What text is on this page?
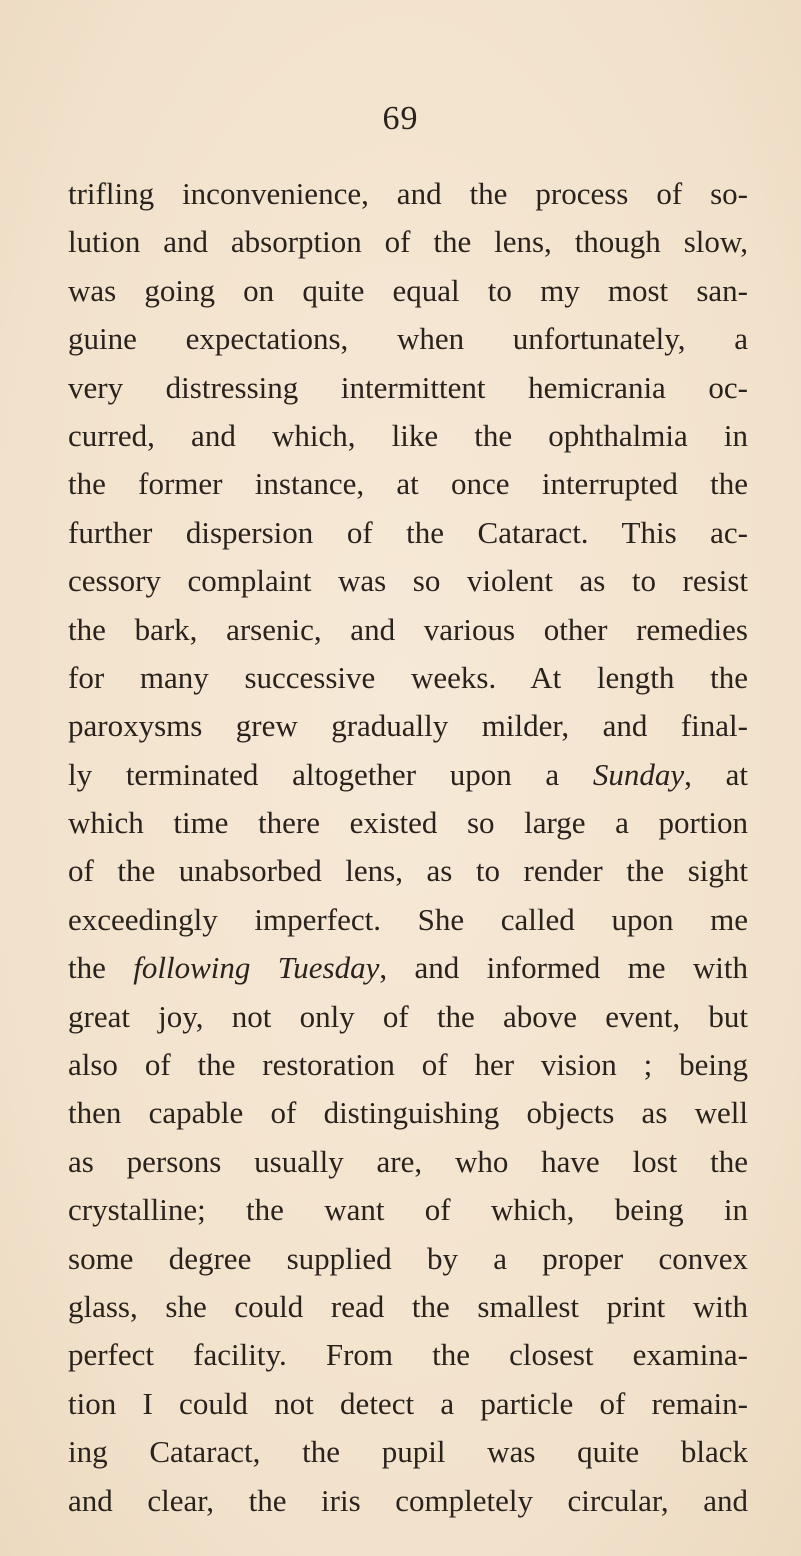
69
trifling inconvenience, and the process of so-
lution and absorption of the lens, though slow,
was going on quite equal to my most san-
guine expectations, when unfortunately, a
very distressing intermittent hemicrania oc-
curred, and which, like the ophthalmia in
the former instance, at once interrupted the
further dispersion of the Cataract. This ac-
cessory complaint was so violent as to resist
the bark, arsenic, and various other remedies
for many successive weeks. At length the
paroxysms grew gradually milder, and final-
ly terminated altogether upon a Sunday, at
which time there existed so large a portion
of the unabsorbed lens, as to render the sight
exceedingly imperfect. She called upon me
the following Tuesday, and informed me with
great joy, not only of the above event, but
also of the restoration of her vision ; being
then capable of distinguishing objects as well
as persons usually are, who have lost the
crystalline; the want of which, being in
some degree supplied by a proper convex
glass, she could read the smallest print with
perfect facility. From the closest examina-
tion I could not detect a particle of remain-
ing Cataract, the pupil was quite black
and clear, the iris completely circular, and
